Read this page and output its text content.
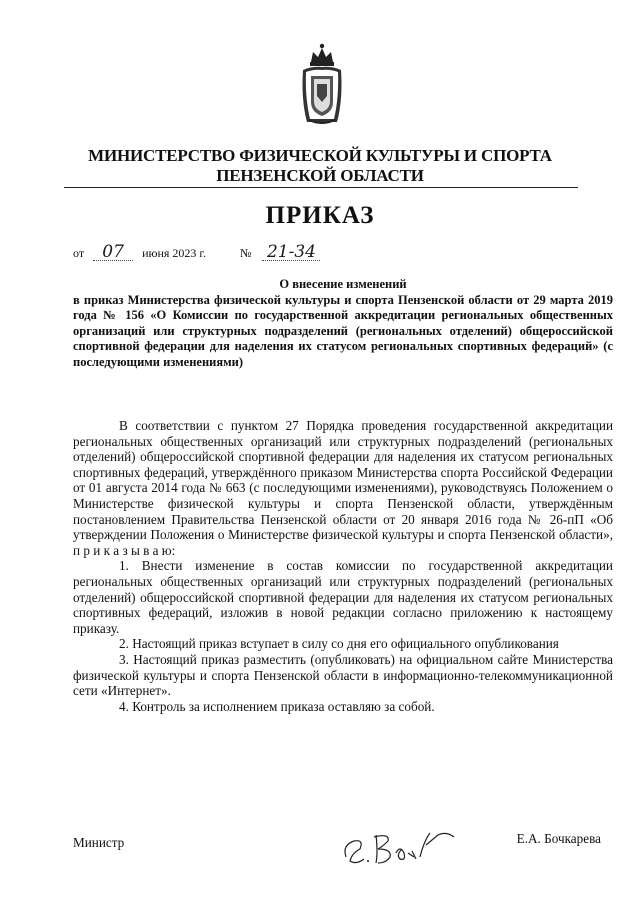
МИНИСТЕРСТВО ФИЗИЧЕСКОЙ КУЛЬТУРЫ И СПОРТА
ПЕНЗЕНСКОЙ ОБЛАСТИ
ПРИКАЗ
от 07 июня 2023 г.	№ 21-34
О внесение изменений
в приказ Министерства физической культуры и спорта Пензенской области от 29 марта 2019 года № 156 «О Комиссии по государственной аккредитации региональных общественных организаций или структурных подразделений (региональных отделений) общероссийской спортивной федерации для наделения их статусом региональных спортивных федераций» (с последующими изменениями)

В соответствии с пунктом 27 Порядка проведения государственной аккредитации региональных общественных организаций или структурных подразделений (региональных отделений) общероссийской спортивной федерации для наделения их статусом региональных спортивных федераций, утверждённого приказом Министерства спорта Российской Федерации от 01 августа 2014 года № 663 (с последующими изменениями), руководствуясь Положением о Министерстве физической культуры и спорта Пензенской области, утверждённым постановлением Правительства Пензенской области от 20 января 2016 года № 26-пП «Об утверждении Положения о Министерстве физической культуры и спорта Пензенской области», п р и к а з ы в а ю:

1. Внести изменение в состав комиссии по государственной аккредитации региональных общественных организаций или структурных подразделений (региональных отделений) общероссийской спортивной федерации для наделения их статусом региональных спортивных федераций, изложив в новой редакции согласно приложению к настоящему приказу.

2. Настоящий приказ вступает в силу со дня его официального опубликования

3. Настоящий приказ разместить (опубликовать) на официальном сайте Министерства физической культуры и спорта Пензенской области в информационно-телекоммуникационной сети «Интернет».

4. Контроль за исполнением приказа оставляю за собой.

Министр	Е.А. Бочкарева
